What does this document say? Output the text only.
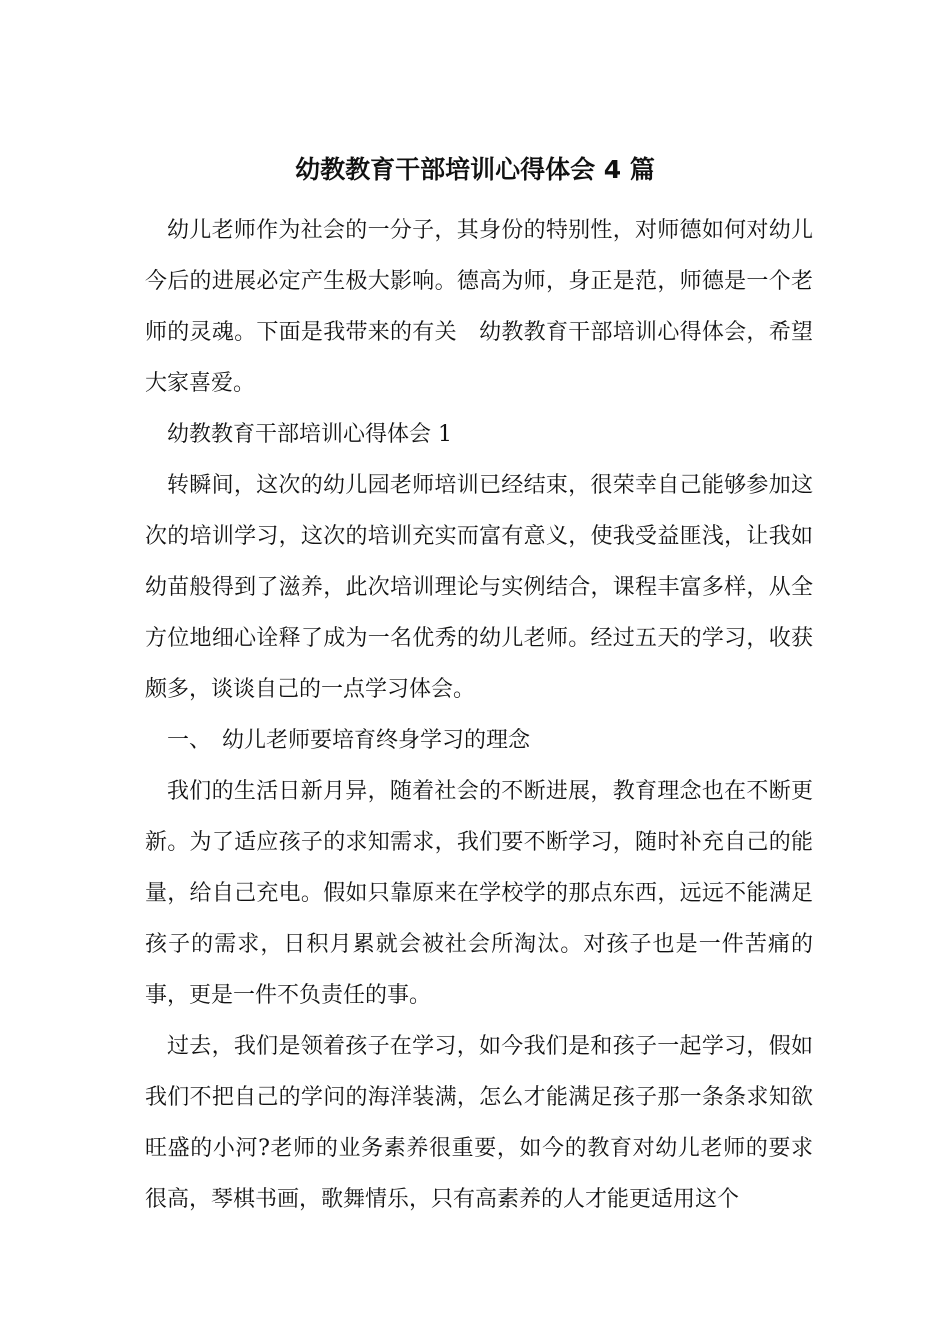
幼教教育干部培训心得体会 4 篇

幼儿老师作为社会的一分子，其身份的特别性，对师德如何对幼儿今后的进展必定产生极大影响。德高为师，身正是范，师德是一个老师的灵魂。下面是我带来的有关　幼教教育干部培训心得体会，希望大家喜爱。

幼教教育干部培训心得体会 1

转瞬间，这次的幼儿园老师培训已经结束，很荣幸自己能够参加这次的培训学习，这次的培训充实而富有意义，使我受益匪浅，让我如幼苗般得到了滋养，此次培训理论与实例结合，课程丰富多样，从全方位地细心诠释了成为一名优秀的幼儿老师。经过五天的学习，收获颇多，谈谈自己的一点学习体会。

一、　幼儿老师要培育终身学习的理念

我们的生活日新月异，随着社会的不断进展，教育理念也在不断更新。为了适应孩子的求知需求，我们要不断学习，随时补充自己的能量，给自己充电。假如只靠原来在学校学的那点东西，远远不能满足孩子的需求，日积月累就会被社会所淘汰。对孩子也是一件苦痛的事，更是一件不负责任的事。

过去，我们是领着孩子在学习，如今我们是和孩子一起学习，假如我们不把自己的学问的海洋装满，怎么才能满足孩子那一条条求知欲旺盛的小河?老师的业务素养很重要，如今的教育对幼儿老师的要求很高，琴棋书画，歌舞情乐，只有高素养的人才能更适用这个
